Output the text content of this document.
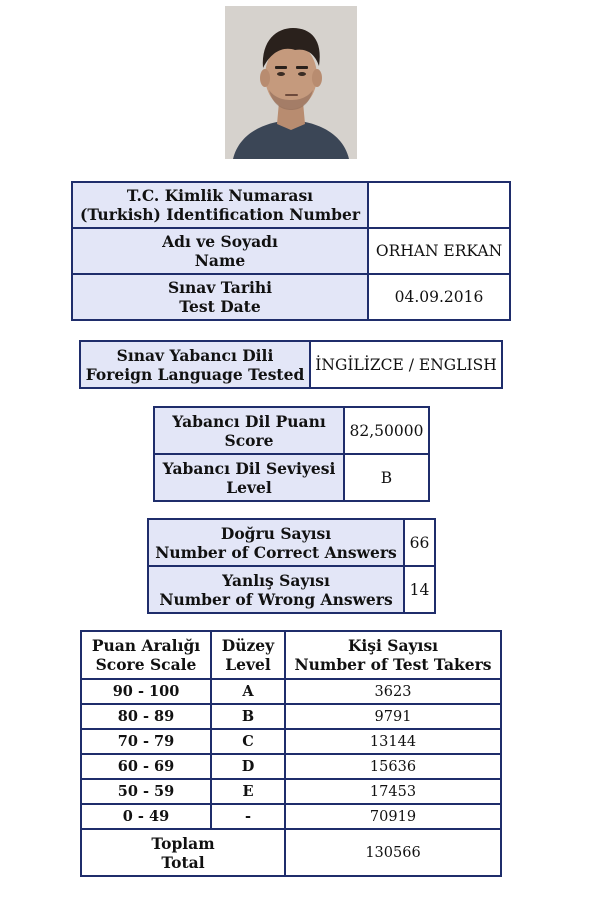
T.C. Kimlik Numarası
(Turkish) Identification Number	

Adı ve Soyadı
Name	ORHAN ERKAN

Sınav Tarihi
Test Date	04.09.2016
Sınav Yabancı Dili
Foreign Language Tested	İNGİLİZCE / ENGLISH
Yabancı Dil Puanı
Score	82,50000

Yabancı Dil Seviyesi
Level	B
Doğru Sayısı
Number of Correct Answers	66

Yanlış Sayısı
Number of Wrong Answers	14
Puan Aralığı
Score Scale	Düzey
Level	Kişi Sayısı
Number of Test Takers

90 - 100	A	3623
80 - 89	B	9791
70 - 79	C	13144
60 - 69	D	15636
50 - 59	E	17453
0 - 49	-	70919

Toplam
Total		130566
